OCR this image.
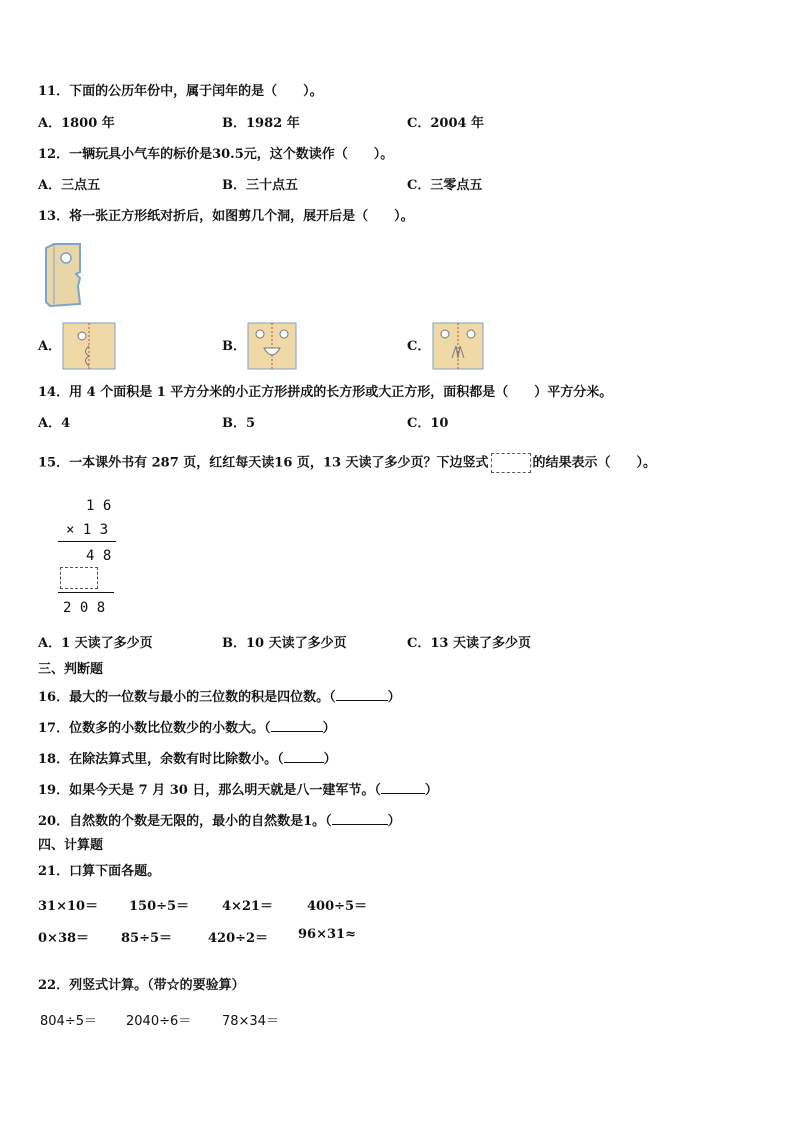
11．下面的公历年份中，属于闰年的是（　　）。
A．1800 年	B．1982 年	C．2004 年
12．一辆玩具小气车的标价是30.5元，这个数读作（　　）。
A．三点五	B．三十点五	C．三零点五
13．将一张正方形纸对折后，如图剪几个洞，展开后是（　　）。
A．	B．	C．
14．用 4 个面积是 1 平方分米的小正方形拼成的长方形或大正方形，面积都是（　　）平方分米。
A．4	B．5	C．10
15．一本课外书有 287 页，红红每天读16 页，13 天读了多少页？下边竖式	的结果表示（　　）。
1 6
× 1 3
4 8
2 0 8
A．1 天读了多少页	B．10 天读了多少页	C．13 天读了多少页
三、判断题
16．最大的一位数与最小的三位数的积是四位数。（	）
17．位数多的小数比位数少的小数大。（	）
18．在除法算式里，余数有时比除数小。（	）
19．如果今天是 7 月 30 日，那么明天就是八一建军节。（	）
20．自然数的个数是无限的，最小的自然数是1。（	）
四、计算题
21．口算下面各题。
31×10＝ 150÷5＝	4×21＝	400÷5＝
0×38＝ 85÷5＝	420÷2＝ 96×31≈
22．列竖式计算。（带☆的要验算）
804÷5＝ 2040÷6＝ 78×34＝
